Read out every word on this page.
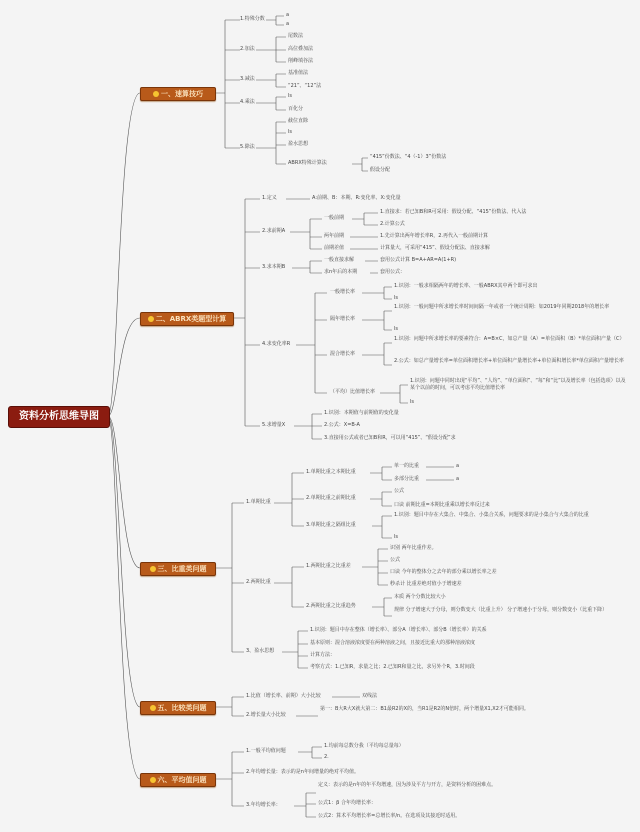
资料分析思维导图
一、速算技巧
1.特殊分数
a
a
2.加法
尾数法
高位叠加法
削峰填谷法
3.减法
基准值法
“21”、“12”法
4.乘法
ls
百化分
5.除法
截位直除
ls
盈水思想
ABRX特殊计算法
“415”份数法、“4（-1）3”份数法
假设分配
二、ABRX类题型计算
1.定义	A:前期、B：本期、R:变化率、X:变化量
2.求前期A
一般前期
1.直接求：若已知B和R可采用：假设分配、“415”份数法、代入法
2.计算公式
两年前期	1.先计算出两年增长率R，2.再代入一般前期计算
前期差值	计算量大，可采用“415”、假设分配法、直接求解
3.求本期B
一般直接求解	套用公式计算 B=A+AR=A(1+R)
求n年后的本期	套用公式：
4.求变化率R
一般增长率
1.识别：一般求相隔两年的增长率、一般ABRX其中两个即可求出
ls
隔年增长率
1.识别：一般问题中所求增长率时间间隔一年或者一个统计周期：如2019年同期2018年的增长率
ls
混合增长率
1.识别：问题中所求增长率的要素符合：A=B×C，如总产量（A）=单位面积（B）*单位面积产量（C）
2.公式：如总产量增长率=单位面积增长率+单位面积产量增长率+单位面积增长率*单位面积产量增长率
（平均）比值增长率
1.识别：问题中同时出现“平均”、“人均”、“单位面积”、“每”和“比”以及增长率（包括选项）以及某个以前的时间，可以考虑平均比值增长率
ls
5.求增量X
1.识别：本期值与前期值的变化量
2.公式：X=B-A
3.直接用公式或者已知B和R，可以用“415”、“假设分配”求
三、比重类问题
1.单期比重
1.单期比重之本期比重
单一的比重	a
多部分比重	a
2.单期比重之前期比重
公式
口诀 前期比重=本期比重乘以增长率反过来
3.单期比重之隔组比重
1.识别：题目中存在大集合、中集合、小集合关系，问题要求的是小集合与大集合的比重
ls
2.两期比重
1.两期比重之比重差
识别 两年比重作差。
公式
口诀 今年的整体分之去年的部分乘以增长率之差
秒杀计 比重差绝对值小于增速差
2.两期比重之比重趋势
本质 两个分数比较大小
规律 分子增速大于分母，则分数变大（比重上升） 分子增速小于分母，则分数变小（比重下降）
3、盈水思想
1.识别：题目中存在整体（增长率）、部分A（增长率）、部分B（增长率）的关系
基本原则：混合溶液浓度要在两种溶液之间，且接近比重大的那种溶液浓度
计算方法：
考察方式：1.已知R，求量之比；2.已知R和量之比，求另外个R，3.时间段
五、比较类问题
1.比值（增长率、前期）大小比较	双线法
2.增长量大小比较
第一：B大R大X就大第二：B1最R2的X的，当R1是R2的N倍时，两个增量X1,X2才可能相同。
六、平均值问题
1.一般平均值问题
1.均前每总数分我（平均每总量每）
2.
2.年均增长量：表示的是n年间增量的绝对平均值。
3.年均增长率：
定义：表示的是n年的年平均增速，因为涉及平方与开方，是资料分析的困难点。
公式1：β 合年均增长率：
公式2：算术平均增长率=总增长率/n。在选项及其接近时适用。
